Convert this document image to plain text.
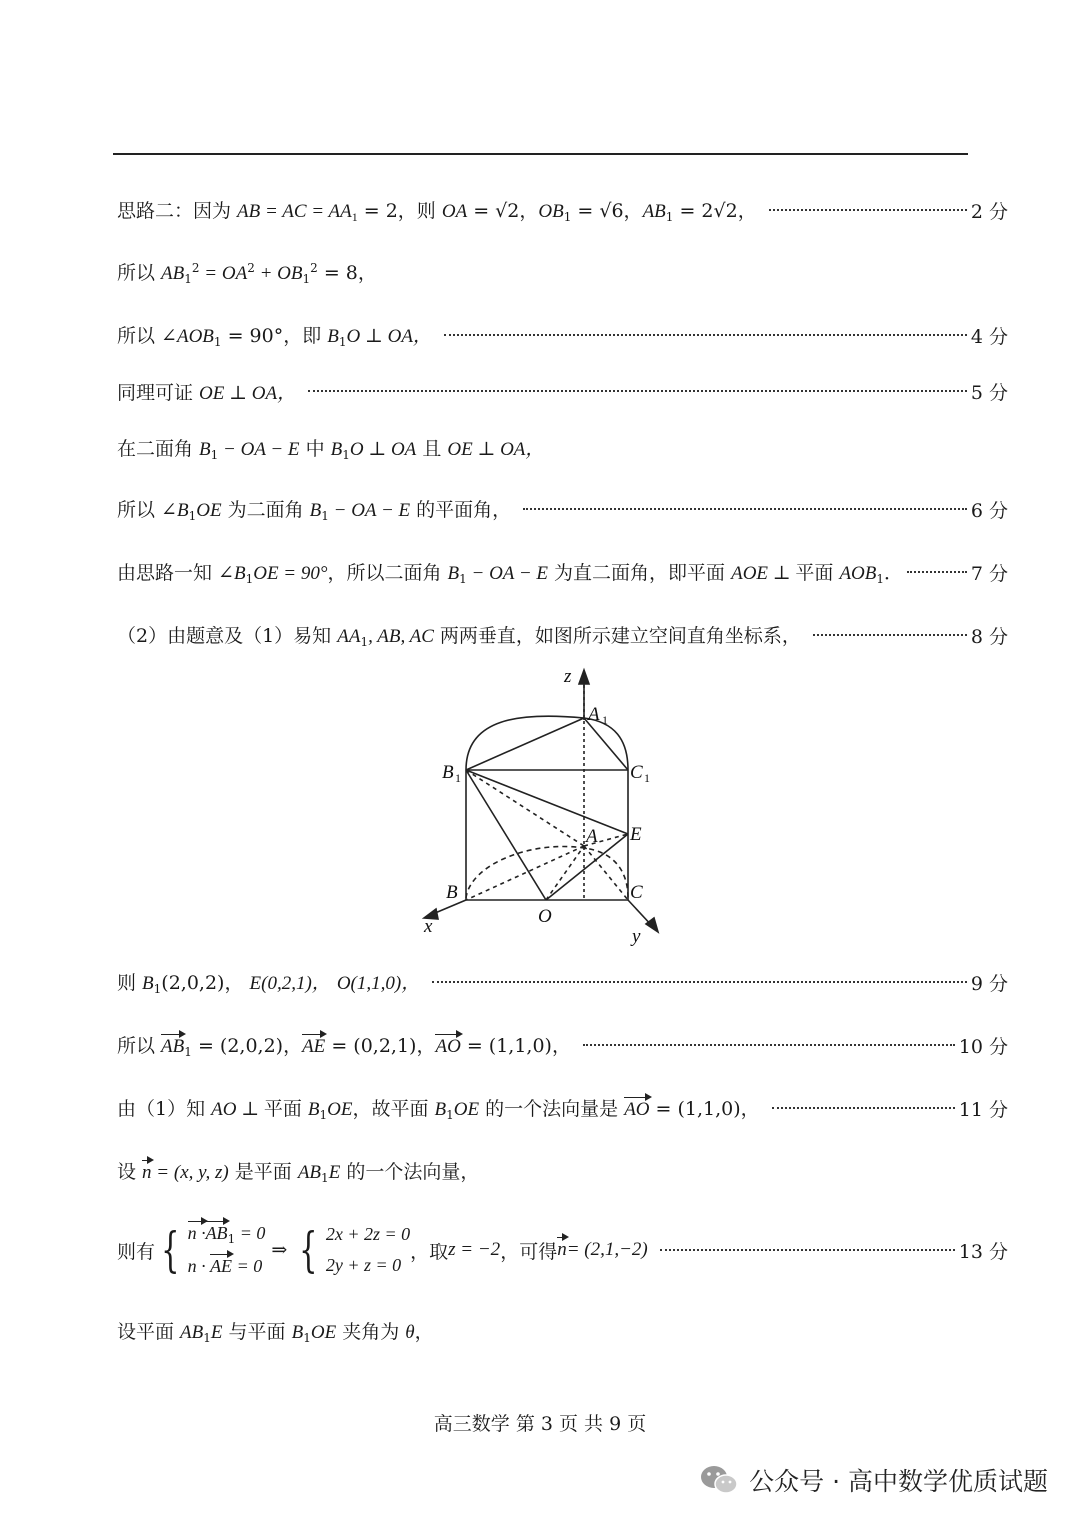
思路二：因为 AB = AC = $AA_1 = 2$，则 OA = √2，$OB_1 = √6$，$AB_1 = 2√2$，	2 分
所以 $AB_1^2 = OA^2 + OB_1^2 = 8$，
所以 $\angle AOB_1 = 90^\circ$，即 $B_1O$ ⊥ OA，	4 分
同理可证 OE ⊥ OA，	5 分
在二面角 $B_1$ − OA − E 中 $B_1O$ ⊥ OA 且 OE ⊥ OA，
所以 $\angle B_1OE$ 为二面角 $B_1$ − OA − E 的平面角，	6 分
由思路一知 $\angle B_1OE = 90^\circ$，所以二面角 $B_1$ − OA − E 为直二面角，即平面 AOE ⊥ 平面 $AOB_1$．	7 分
（2）由题意及（1）易知 $AA_1$, AB, AC 两两垂直，如图所示建立空间直角坐标系，	8 分
z
A 1
B 1	C 1
A E
B	C
O
x	y
则 $B_1(2,0,2)$， E(0,2,1)， O(1,1,0)，	9 分
所以 $AB_1 = (2,0,2)$，AE = (0,2,1)，AO = (1,1,0)，	10 分
由（1）知 AO ⊥ 平面 $B_1OE$，故平面 $B_1OE$ 的一个法向量是 AO = (1,1,0)，	11 分
设 n = (x, y, z) 是平面 $AB_1E$ 的一个法向量，
则有 { $n \cdot AB_1 = 0$
n · AE = 0
⇒ { 2x + 2z = 0
2y + z = 0
，取 z = −2 ，可得 n = (2,1,−2)	13 分
设平面 $AB_1E$ 与平面 $B_1OE$ 夹角为 θ，
高三数学 第 3 页 共 9 页
公众号 · 高中数学优质试题
